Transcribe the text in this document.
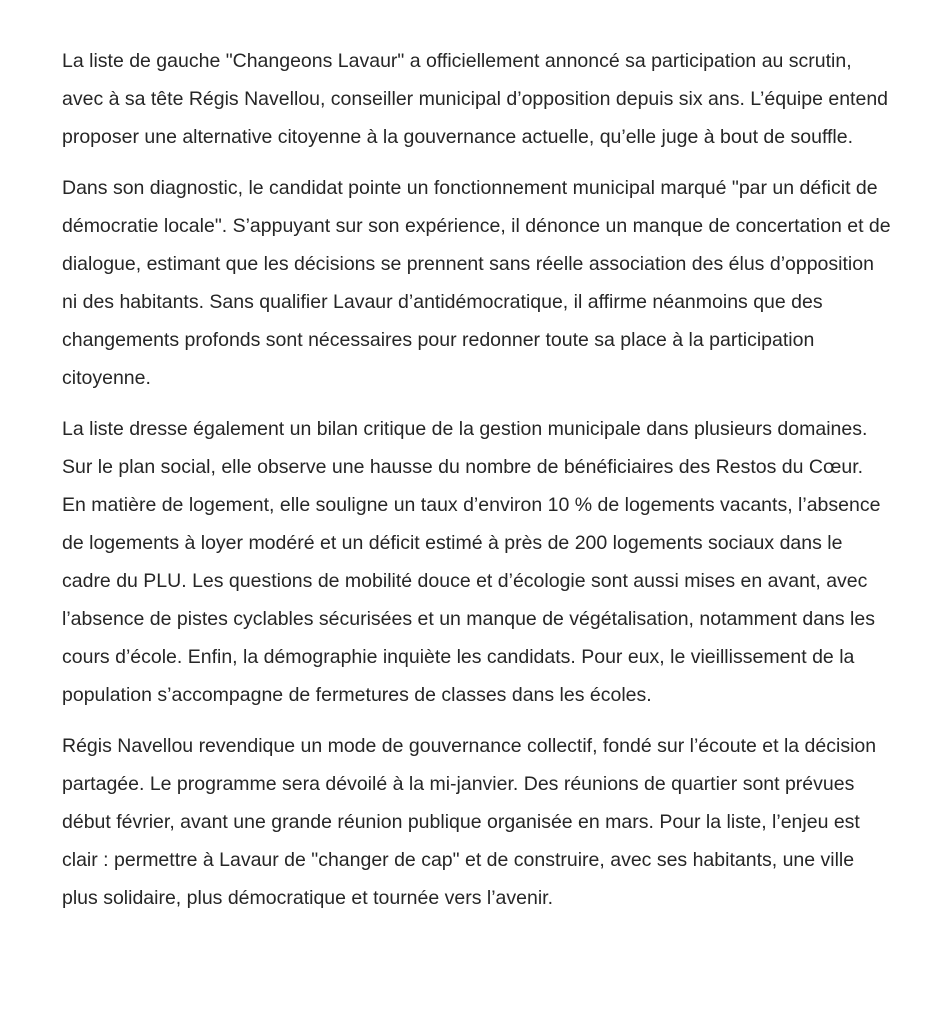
La liste de gauche "Changeons Lavaur" a officiellement annoncé sa participation au scrutin, avec à sa tête Régis Navellou, conseiller municipal d’opposition depuis six ans. L’équipe entend proposer une alternative citoyenne à la gouvernance actuelle, qu’elle juge à bout de souffle.

Dans son diagnostic, le candidat pointe un fonctionnement municipal marqué "par un déficit de démocratie locale". S’appuyant sur son expérience, il dénonce un manque de concertation et de dialogue, estimant que les décisions se prennent sans réelle association des élus d’opposition ni des habitants. Sans qualifier Lavaur d’antidémocratique, il affirme néanmoins que des changements profonds sont nécessaires pour redonner toute sa place à la participation citoyenne.

La liste dresse également un bilan critique de la gestion municipale dans plusieurs domaines. Sur le plan social, elle observe une hausse du nombre de bénéficiaires des Restos du Cœur. En matière de logement, elle souligne un taux d’environ 10 % de logements vacants, l’absence de logements à loyer modéré et un déficit estimé à près de 200 logements sociaux dans le cadre du PLU. Les questions de mobilité douce et d’écologie sont aussi mises en avant, avec l’absence de pistes cyclables sécurisées et un manque de végétalisation, notamment dans les cours d’école. Enfin, la démographie inquiète les candidats. Pour eux, le vieillissement de la population s’accompagne de fermetures de classes dans les écoles.

Régis Navellou revendique un mode de gouvernance collectif, fondé sur l’écoute et la décision partagée. Le programme sera dévoilé à la mi-janvier. Des réunions de quartier sont prévues début février, avant une grande réunion publique organisée en mars. Pour la liste, l’enjeu est clair : permettre à Lavaur de "changer de cap" et de construire, avec ses habitants, une ville plus solidaire, plus démocratique et tournée vers l’avenir.
